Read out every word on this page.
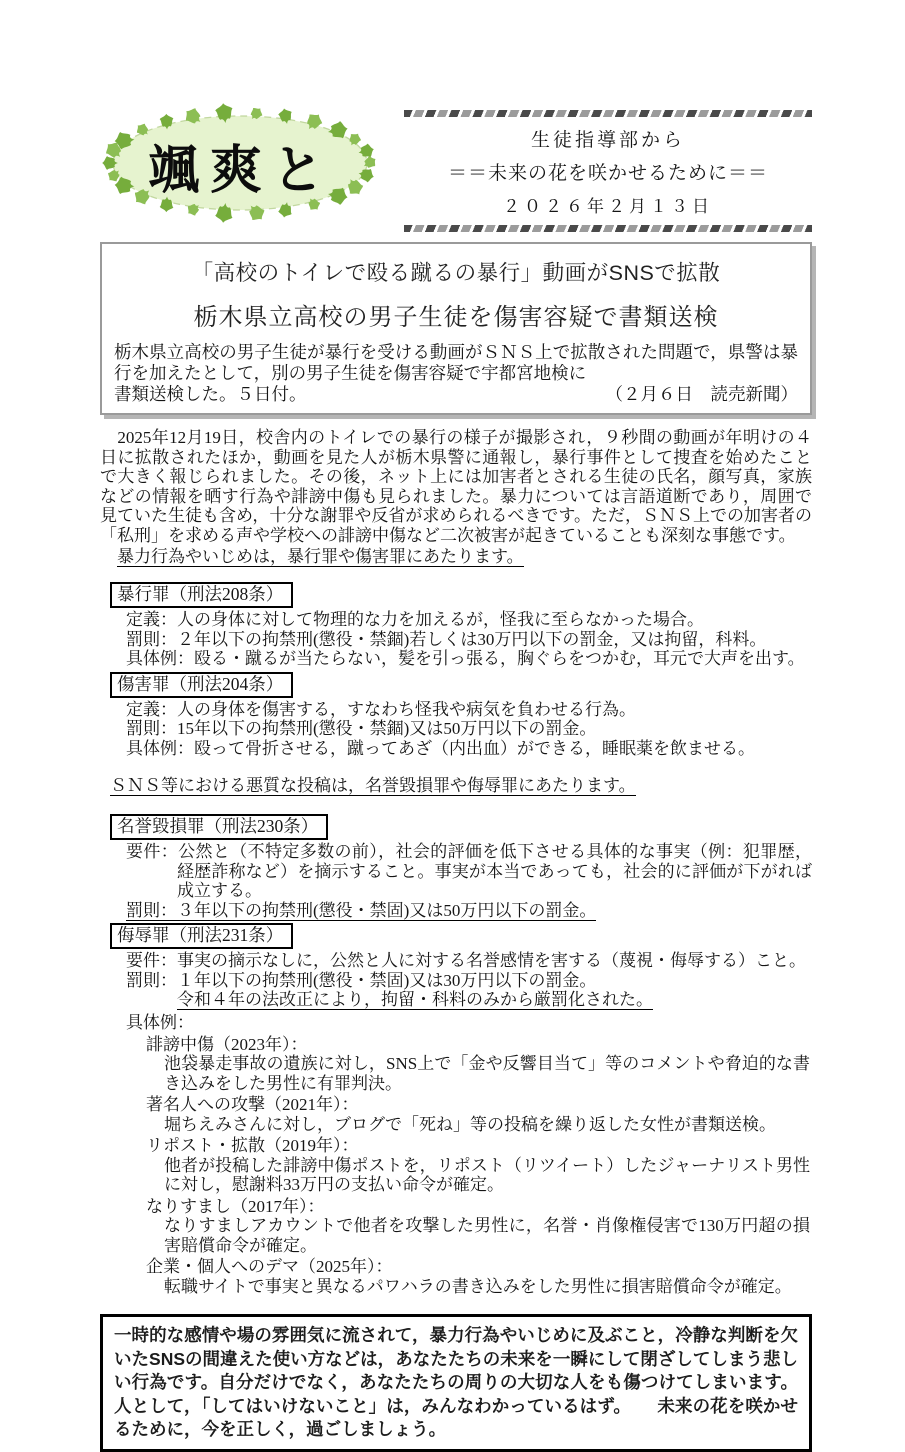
颯爽と	生徒指導部から
＝＝未来の花を咲かせるために＝＝
２０２６年２月１３日
「高校のトイレで殴る蹴るの暴行」動画がSNSで拡散
栃木県立高校の男子生徒を傷害容疑で書類送検
栃木県立高校の男子生徒が暴行を受ける動画がＳＮＳ上で拡散された問題で，県警は暴行を加えたとして，別の男子生徒を傷害容疑で宇都宮地検に
書類送検した。５日付。	（２月６日　読売新聞）
　2025年12月19日，校舎内のトイレでの暴行の様子が撮影され，９秒間の動画が年明けの４日に拡散されたほか，動画を見た人が栃木県警に通報し，暴行事件として捜査を始めたことで大きく報じられました。その後，ネット上には加害者とされる生徒の氏名，顔写真，家族などの情報を晒す行為や誹謗中傷も見られました。暴力については言語道断であり，周囲で見ていた生徒も含め，十分な謝罪や反省が求められるべきです。ただ，ＳＮＳ上での加害者の「私刑」を求める声や学校への誹謗中傷など二次被害が起きていることも深刻な事態です。
暴力行為やいじめは，暴行罪や傷害罪にあたります。
暴行罪（刑法208条）
定義：人の身体に対して物理的な力を加えるが，怪我に至らなかった場合。
罰則：２年以下の拘禁刑(懲役・禁錮)若しくは30万円以下の罰金，又は拘留，科料。
具体例：殴る・蹴るが当たらない，髪を引っ張る，胸ぐらをつかむ，耳元で大声を出す。
傷害罪（刑法204条）
定義：人の身体を傷害する，すなわち怪我や病気を負わせる行為。
罰則：15年以下の拘禁刑(懲役・禁錮)又は50万円以下の罰金。
具体例：殴って骨折させる，蹴ってあざ（内出血）ができる，睡眠薬を飲ませる。
ＳＮＳ等における悪質な投稿は，名誉毀損罪や侮辱罪にあたります。
名誉毀損罪（刑法230条）
要件：公然と（不特定多数の前），社会的評価を低下させる具体的な事実（例：犯罪歴，経歴詐称など）を摘示すること。事実が本当であっても，社会的に評価が下がれば成立する。
罰則：３年以下の拘禁刑(懲役・禁固)又は50万円以下の罰金。
侮辱罪（刑法231条）
要件：事実の摘示なしに，公然と人に対する名誉感情を害する（蔑視・侮辱する）こと。
罰則：１年以下の拘禁刑(懲役・禁固)又は30万円以下の罰金。
令和４年の法改正により，拘留・科料のみから厳罰化された。
具体例：
誹謗中傷（2023年）：
池袋暴走事故の遺族に対し，SNS上で「金や反響目当て」等のコメントや脅迫的な書き込みをした男性に有罪判決。
著名人への攻撃（2021年）：
堀ちえみさんに対し，ブログで「死ね」等の投稿を繰り返した女性が書類送検。
リポスト・拡散（2019年）：
他者が投稿した誹謗中傷ポストを，リポスト（リツイート）したジャーナリスト男性に対し，慰謝料33万円の支払い命令が確定。
なりすまし（2017年）：
なりすましアカウントで他者を攻撃した男性に，名誉・肖像権侵害で130万円超の損害賠償命令が確定。
企業・個人へのデマ（2025年）：
転職サイトで事実と異なるパワハラの書き込みをした男性に損害賠償命令が確定。
一時的な感情や場の雰囲気に流されて，暴力行為やいじめに及ぶこと，冷静な判断を欠いたSNSの間違えた使い方などは，あなたたちの未来を一瞬にして閉ざしてしまう悲しい行為です。自分だけでなく，あなたたちの周りの大切な人をも傷つけてしまいます。人として，「してはいけないこと」は，みんなわかっているはず。　　未来の花を咲かせるために，今を正しく，過ごしましょう。
